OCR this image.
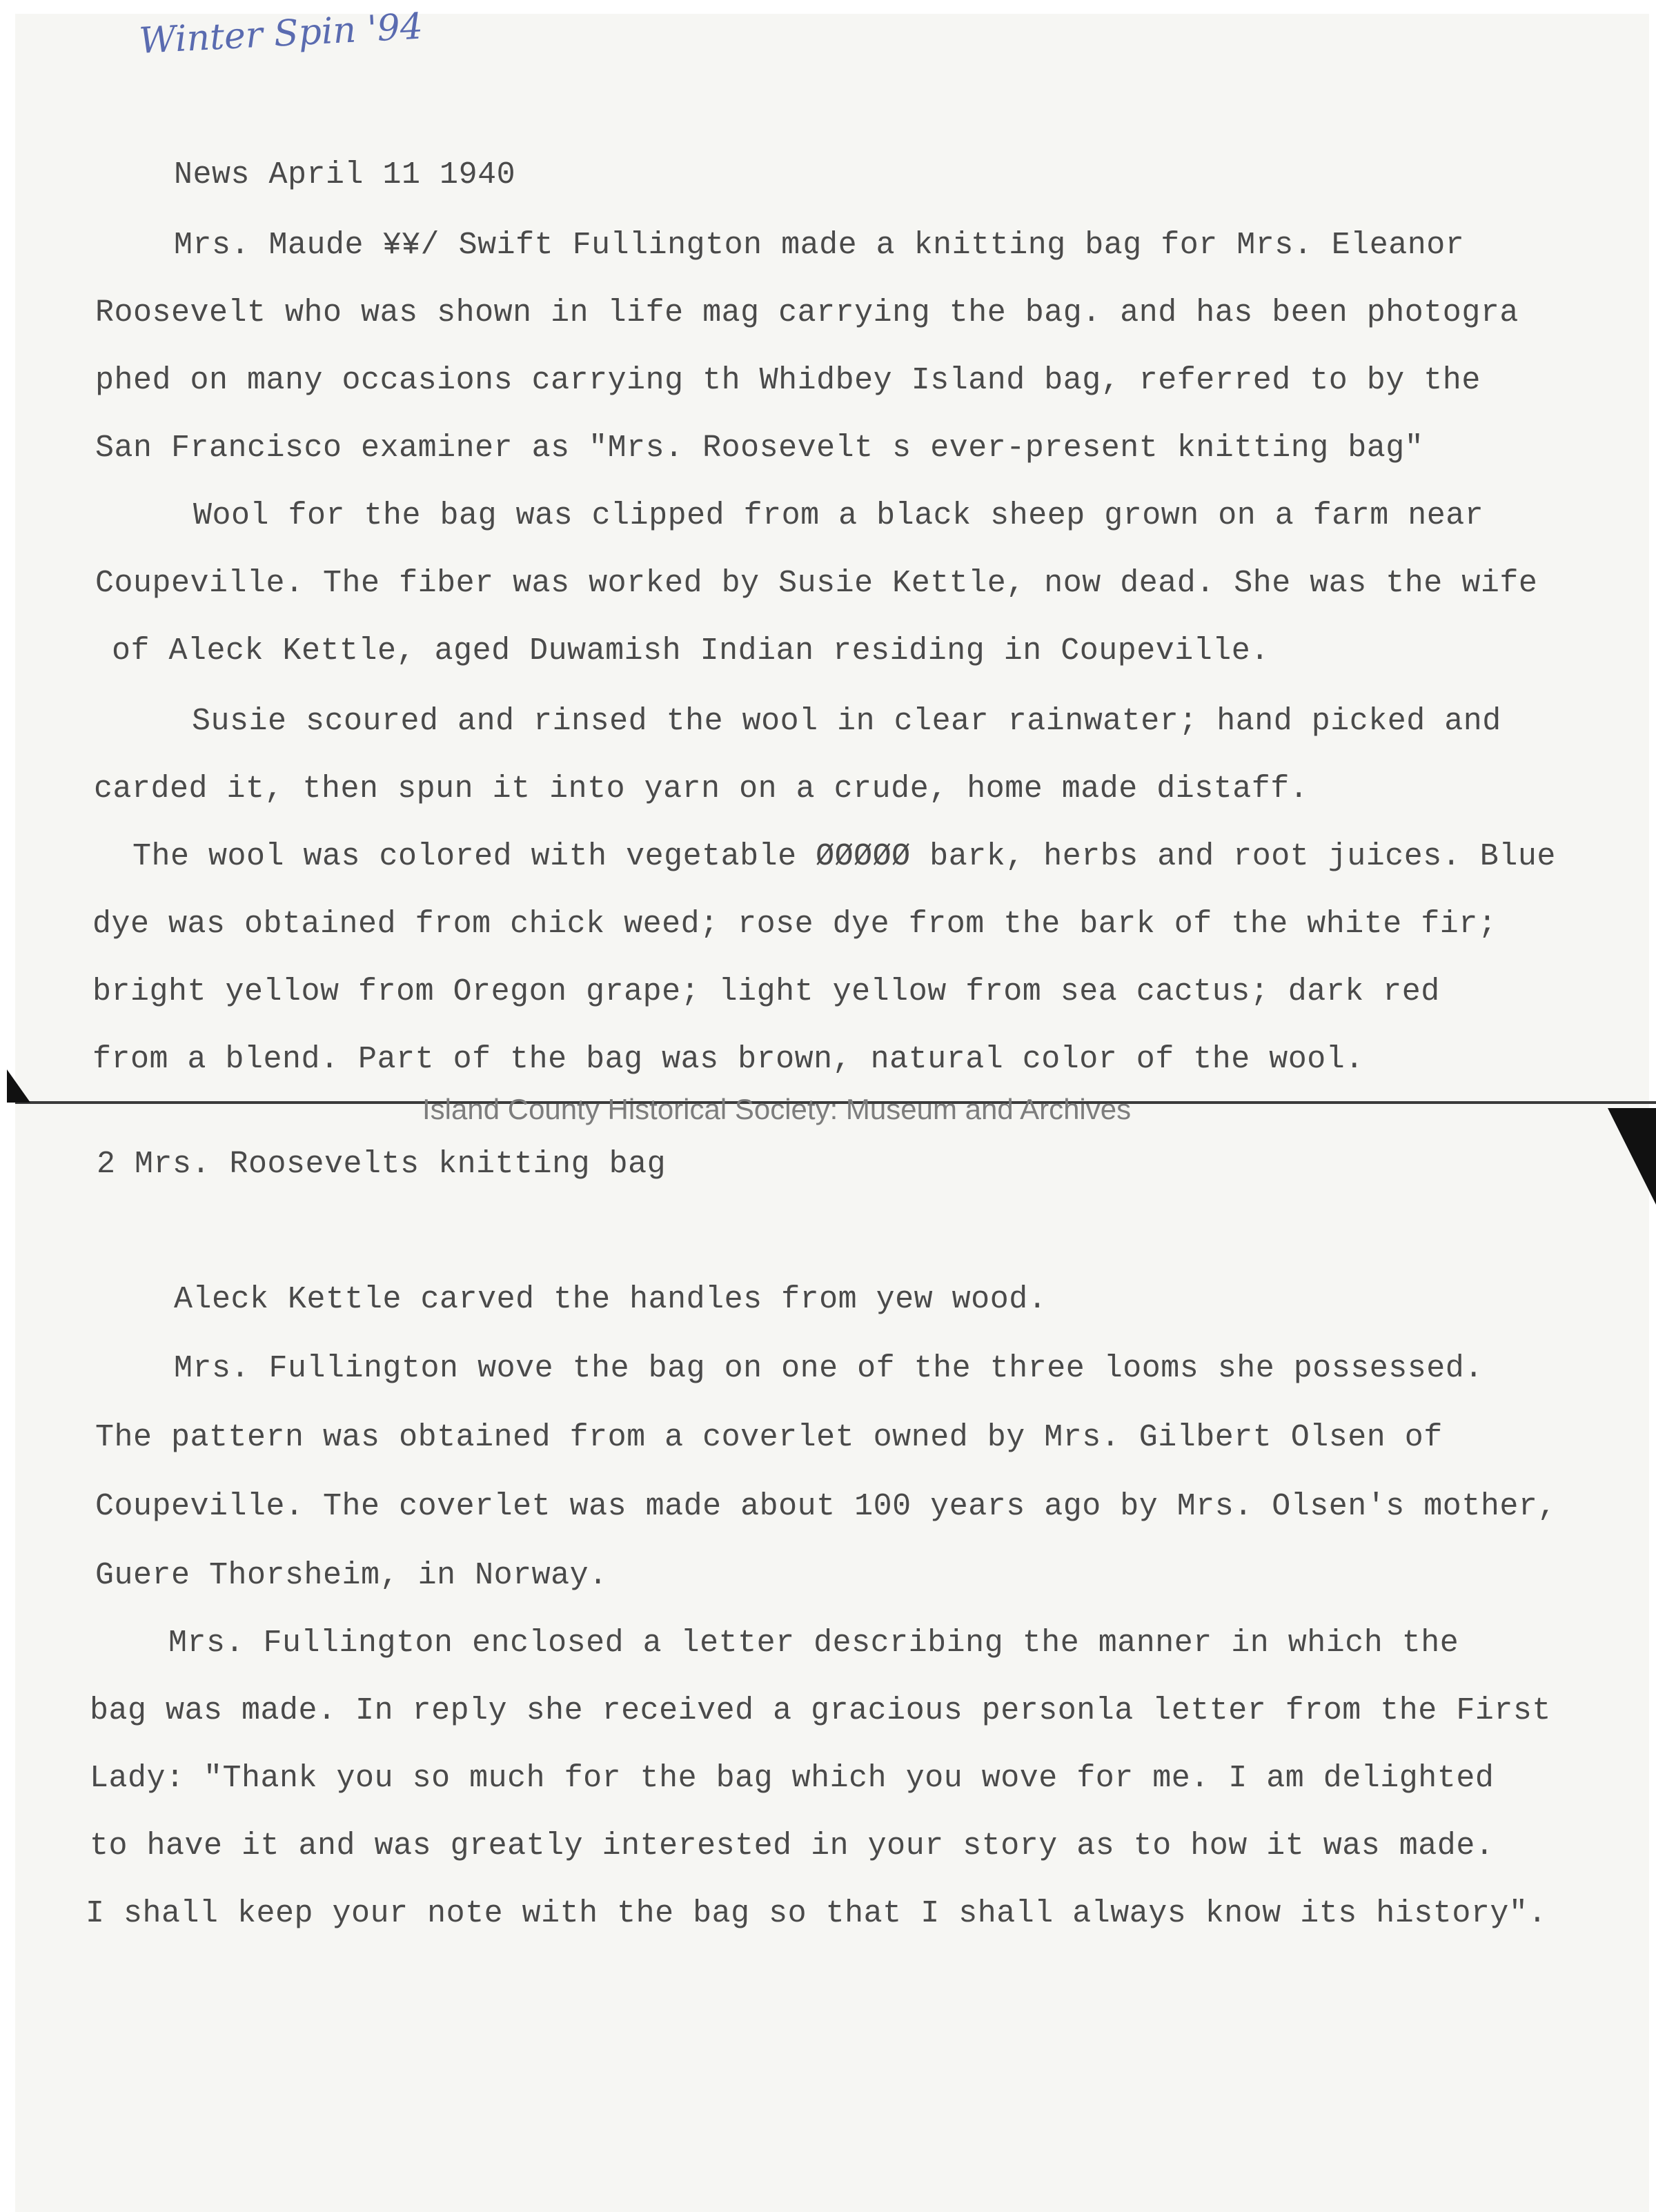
Winter Spin '94
News April 11 1940
Mrs. Maude ¥¥/ Swift Fullington made a knitting bag for Mrs. Eleanor
Roosevelt who was shown in life mag carrying the bag. and has been photogra
phed on many occasions carrying th Whidbey Island bag, referred to by the
San Francisco examiner as "Mrs. Roosevelt s ever-present knitting bag"
Wool for the bag was clipped from a black sheep grown on a farm near
Coupeville. The fiber was worked by Susie Kettle, now dead. She was the wife
of Aleck Kettle, aged Duwamish Indian residing in Coupeville.
Susie scoured and rinsed the wool in clear rainwater; hand picked and
carded it, then spun it into yarn on a crude, home made distaff.
The wool was colored with vegetable ØØØØØ bark, herbs and root juices. Blue
dye was obtained from chick weed; rose dye from the bark of the white fir;
bright yellow from Oregon grape; light yellow from sea cactus; dark red
from a blend. Part of the bag was brown, natural color of the wool.
Island County Historical Society: Museum and Archives
2 Mrs. Roosevelts knitting bag
Aleck Kettle carved the handles from yew wood.
Mrs. Fullington wove the bag on one of the three looms she possessed.
The pattern was obtained from a coverlet owned by Mrs. Gilbert Olsen of
Coupeville. The coverlet was made about 100 years ago by Mrs. Olsen's mother,
Guere Thorsheim, in Norway.
Mrs. Fullington enclosed a letter describing the manner in which the
bag was made. In reply she received a gracious personla letter from the First
Lady: "Thank you so much for the bag which you wove for me. I am delighted
to have it and was greatly interested in your story as to how it was made.
I shall keep your note with the bag so that I shall always know its history".
